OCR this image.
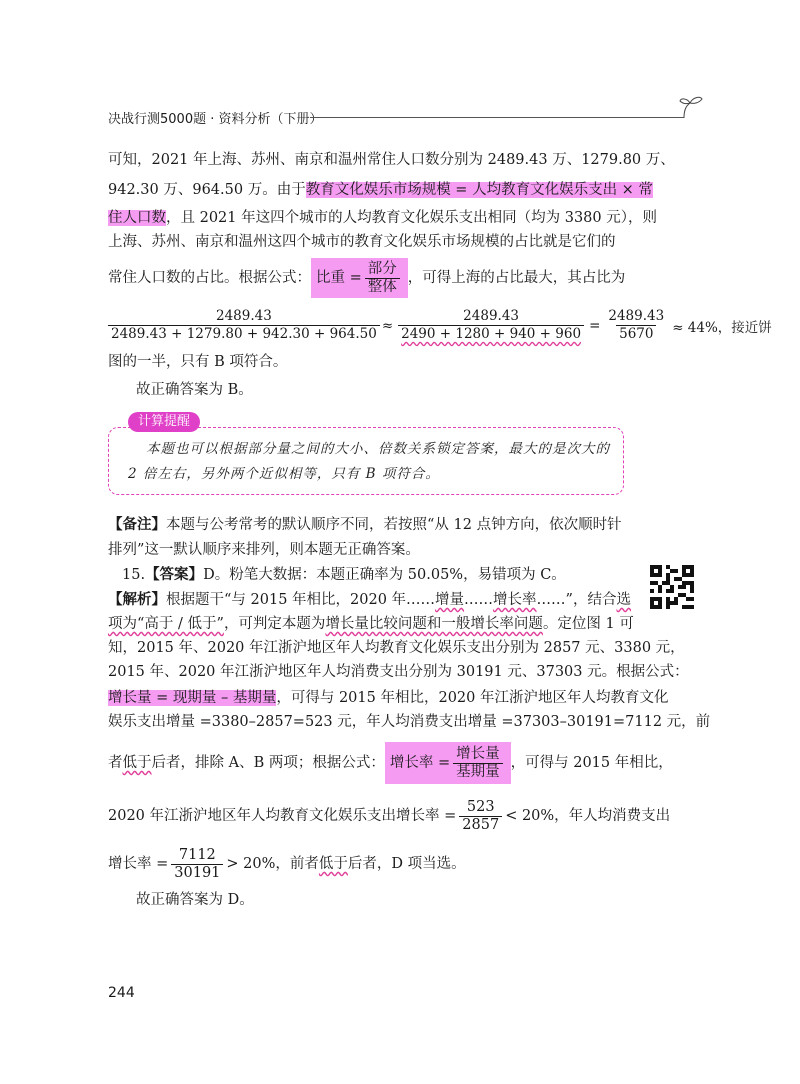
决战行测5000题 · 资料分析（下册）
可知，2021 年上海、苏州、南京和温州常住人口数分别为 2489.43 万、1279.80 万、
942.30 万、964.50 万。由于教育文化娱乐市场规模 = 人均教育文化娱乐支出 × 常
住人口数，且 2021 年这四个城市的人均教育文化娱乐支出相同（均为 3380 元），则
上海、苏州、南京和温州这四个城市的教育文化娱乐市场规模的占比就是它们的
常住人口数的占比。根据公式： 比重 = $\frac{\text{部分}}{\text{整体}}$ ，可得上海的占比最大，其占比为
$\frac{2489.43}{2489.43 + 1279.80 + 942.30 + 964.50} \approx \frac{2489.43}{2490 + 1280 + 940 + 960} = \frac{2489.43}{5670} \approx 44\%$，接近饼
图的一半，只有 B 项符合。
故正确答案为 B。
计算提醒
本题也可以根据部分量之间的大小、倍数关系锁定答案，最大的是次大的
2 倍左右，另外两个近似相等，只有 B 项符合。
【备注】本题与公考常考的默认顺序不同，若按照“从 12 点钟方向，依次顺时针
排列”这一默认顺序来排列，则本题无正确答案。
15.【答案】D。粉笔大数据：本题正确率为 50.05%，易错项为 C。
【解析】根据题干“与 2015 年相比，2020 年……增量……增长率……”，结合选
项为“高于 / 低于”，可判定本题为增长量比较问题和一般增长率问题。定位图 1 可
知，2015 年、2020 年江浙沪地区年人均教育文化娱乐支出分别为 2857 元、3380 元，
2015 年、2020 年江浙沪地区年人均消费支出分别为 30191 元、37303 元。根据公式：
增长量 = 现期量 – 基期量，可得与 2015 年相比，2020 年江浙沪地区年人均教育文化
娱乐支出增量 =3380–2857=523 元，年人均消费支出增量 =37303–30191=7112 元，前
者低于后者，排除 A、B 两项；根据公式： 增长率 = $\frac{\text{增长量}}{\text{基期量}}$ ，可得与 2015 年相比，
2020 年江浙沪地区年人均教育文化娱乐支出增长率 = $\frac{523}{2857} < 20\%$，年人均消费支出
增长率 = $\frac{7112}{30191} > 20\%$，前者低于后者，D 项当选。
故正确答案为 D。
244
